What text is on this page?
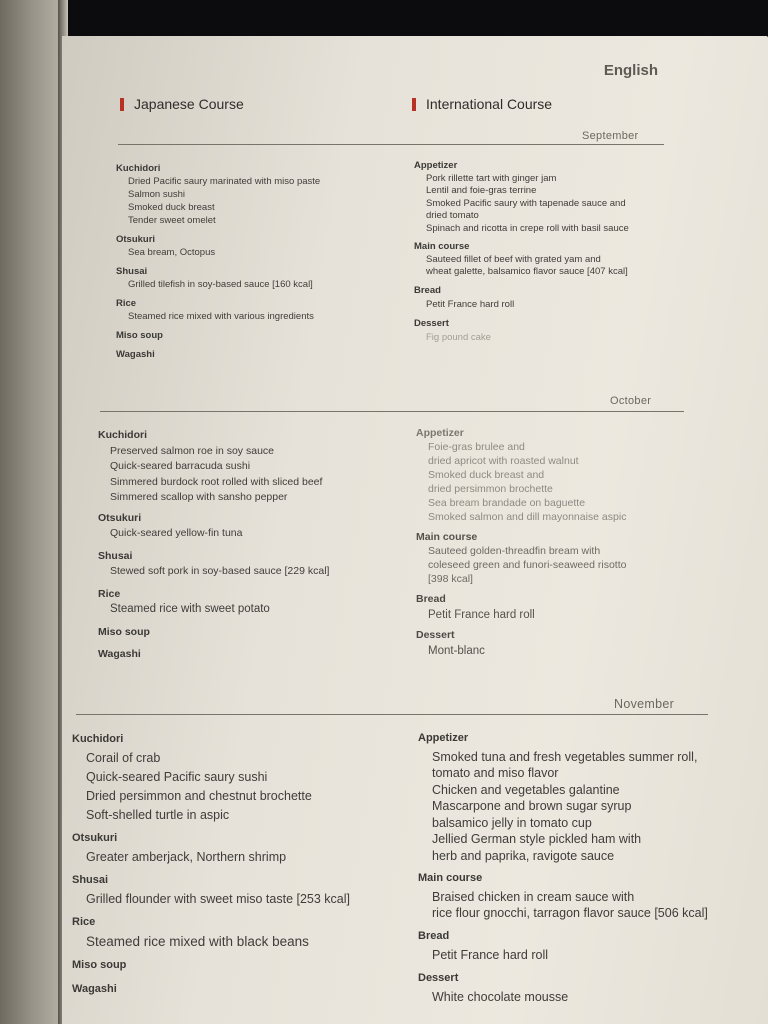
English
Japanese Course	International Course
September
Kuchidori
Dried Pacific saury marinated with miso paste
Salmon sushi
Smoked duck breast
Tender sweet omelet
Otsukuri
Sea bream, Octopus
Shusai
Grilled tilefish in soy-based sauce [160 kcal]
Rice
Steamed rice mixed with various ingredients
Miso soup
Wagashi
Appetizer
Pork rillette tart with ginger jam
Lentil and foie-gras terrine
Smoked Pacific saury with tapenade sauce and
dried tomato
Spinach and ricotta in crepe roll with basil sauce
Main course
Sauteed fillet of beef with grated yam and
wheat galette, balsamico flavor sauce [407 kcal]
Bread
Petit France hard roll
Dessert
Fig pound cake
October
Kuchidori
Preserved salmon roe in soy sauce
Quick-seared barracuda sushi
Simmered burdock root rolled with sliced beef
Simmered scallop with sansho pepper
Otsukuri
Quick-seared yellow-fin tuna
Shusai
Stewed soft pork in soy-based sauce [229 kcal]
Rice
Steamed rice with sweet potato
Miso soup
Wagashi
Appetizer
Foie-gras brulee and
dried apricot with roasted walnut
Smoked duck breast and
dried persimmon brochette
Sea bream brandade on baguette
Smoked salmon and dill mayonnaise aspic
Main course
Sauteed golden-threadfin bream with
coleseed green and funori-seaweed risotto
[398 kcal]
Bread
Petit France hard roll
Dessert
Mont-blanc
November
Kuchidori
Corail of crab
Quick-seared Pacific saury sushi
Dried persimmon and chestnut brochette
Soft-shelled turtle in aspic
Otsukuri
Greater amberjack, Northern shrimp
Shusai
Grilled flounder with sweet miso taste [253 kcal]
Rice
Steamed rice mixed with black beans
Miso soup
Wagashi
Appetizer
Smoked tuna and fresh vegetables summer roll,
tomato and miso flavor
Chicken and vegetables galantine
Mascarpone and brown sugar syrup
balsamico jelly in tomato cup
Jellied German style pickled ham with
herb and paprika, ravigote sauce
Main course
Braised chicken in cream sauce with
rice flour gnocchi, tarragon flavor sauce [506 kcal]
Bread
Petit France hard roll
Dessert
White chocolate mousse
